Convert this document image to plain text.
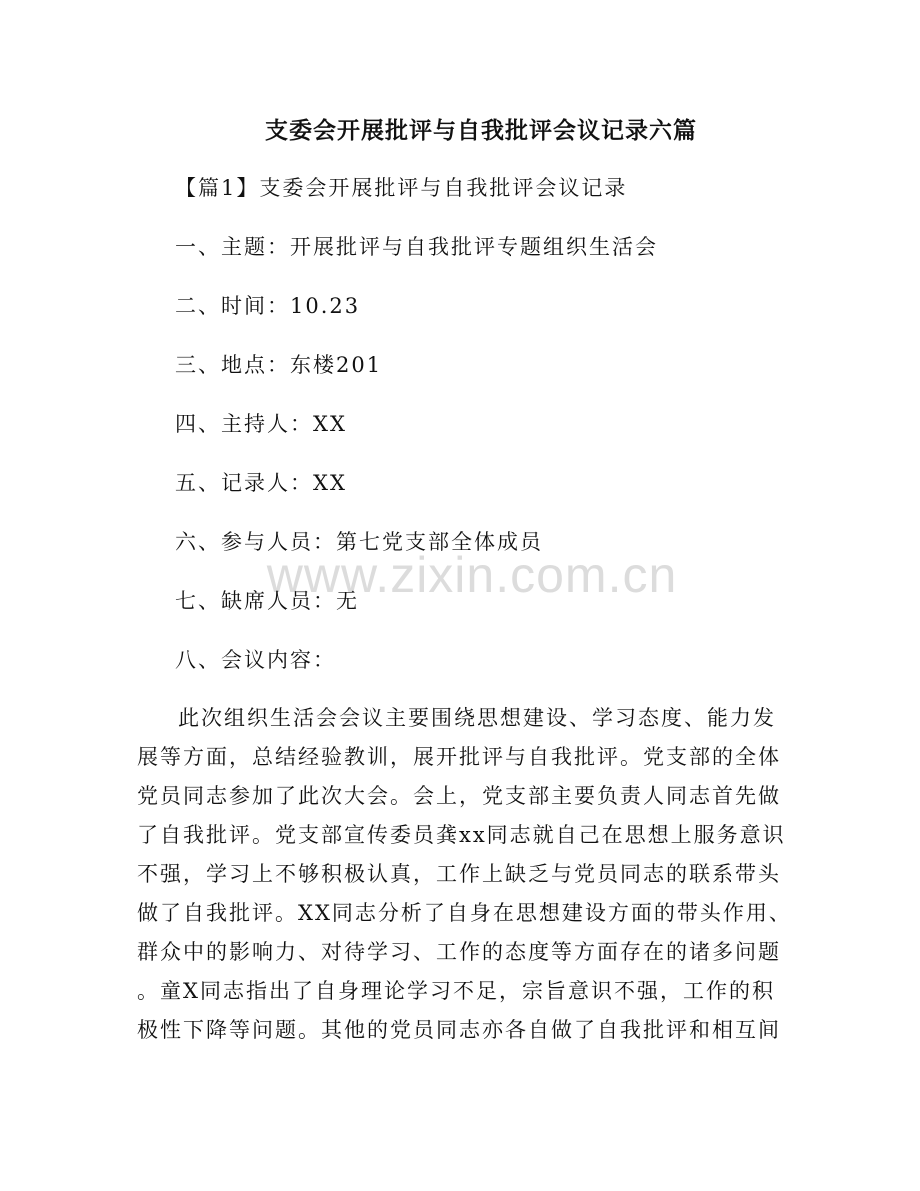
www.zixin.com.cn
支委会开展批评与自我批评会议记录六篇
【篇1】支委会开展批评与自我批评会议记录
一、主题：开展批评与自我批评专题组织生活会
二、时间：10.23
三、地点：东楼201
四、主持人：XX
五、记录人：XX
六、参与人员：第七党支部全体成员
七、缺席人员：无
八、会议内容：
此次组织生活会会议主要围绕思想建设、学习态度、能力发
展等方面，总结经验教训，展开批评与自我批评。党支部的全体
党员同志参加了此次大会。会上，党支部主要负责人同志首先做
了自我批评。党支部宣传委员龚xx同志就自己在思想上服务意识
不强，学习上不够积极认真，工作上缺乏与党员同志的联系带头
做了自我批评。XX同志分析了自身在思想建设方面的带头作用、
群众中的影响力、对待学习、工作的态度等方面存在的诸多问题
。童X同志指出了自身理论学习不足，宗旨意识不强，工作的积
极性下降等问题。其他的党员同志亦各自做了自我批评和相互间
